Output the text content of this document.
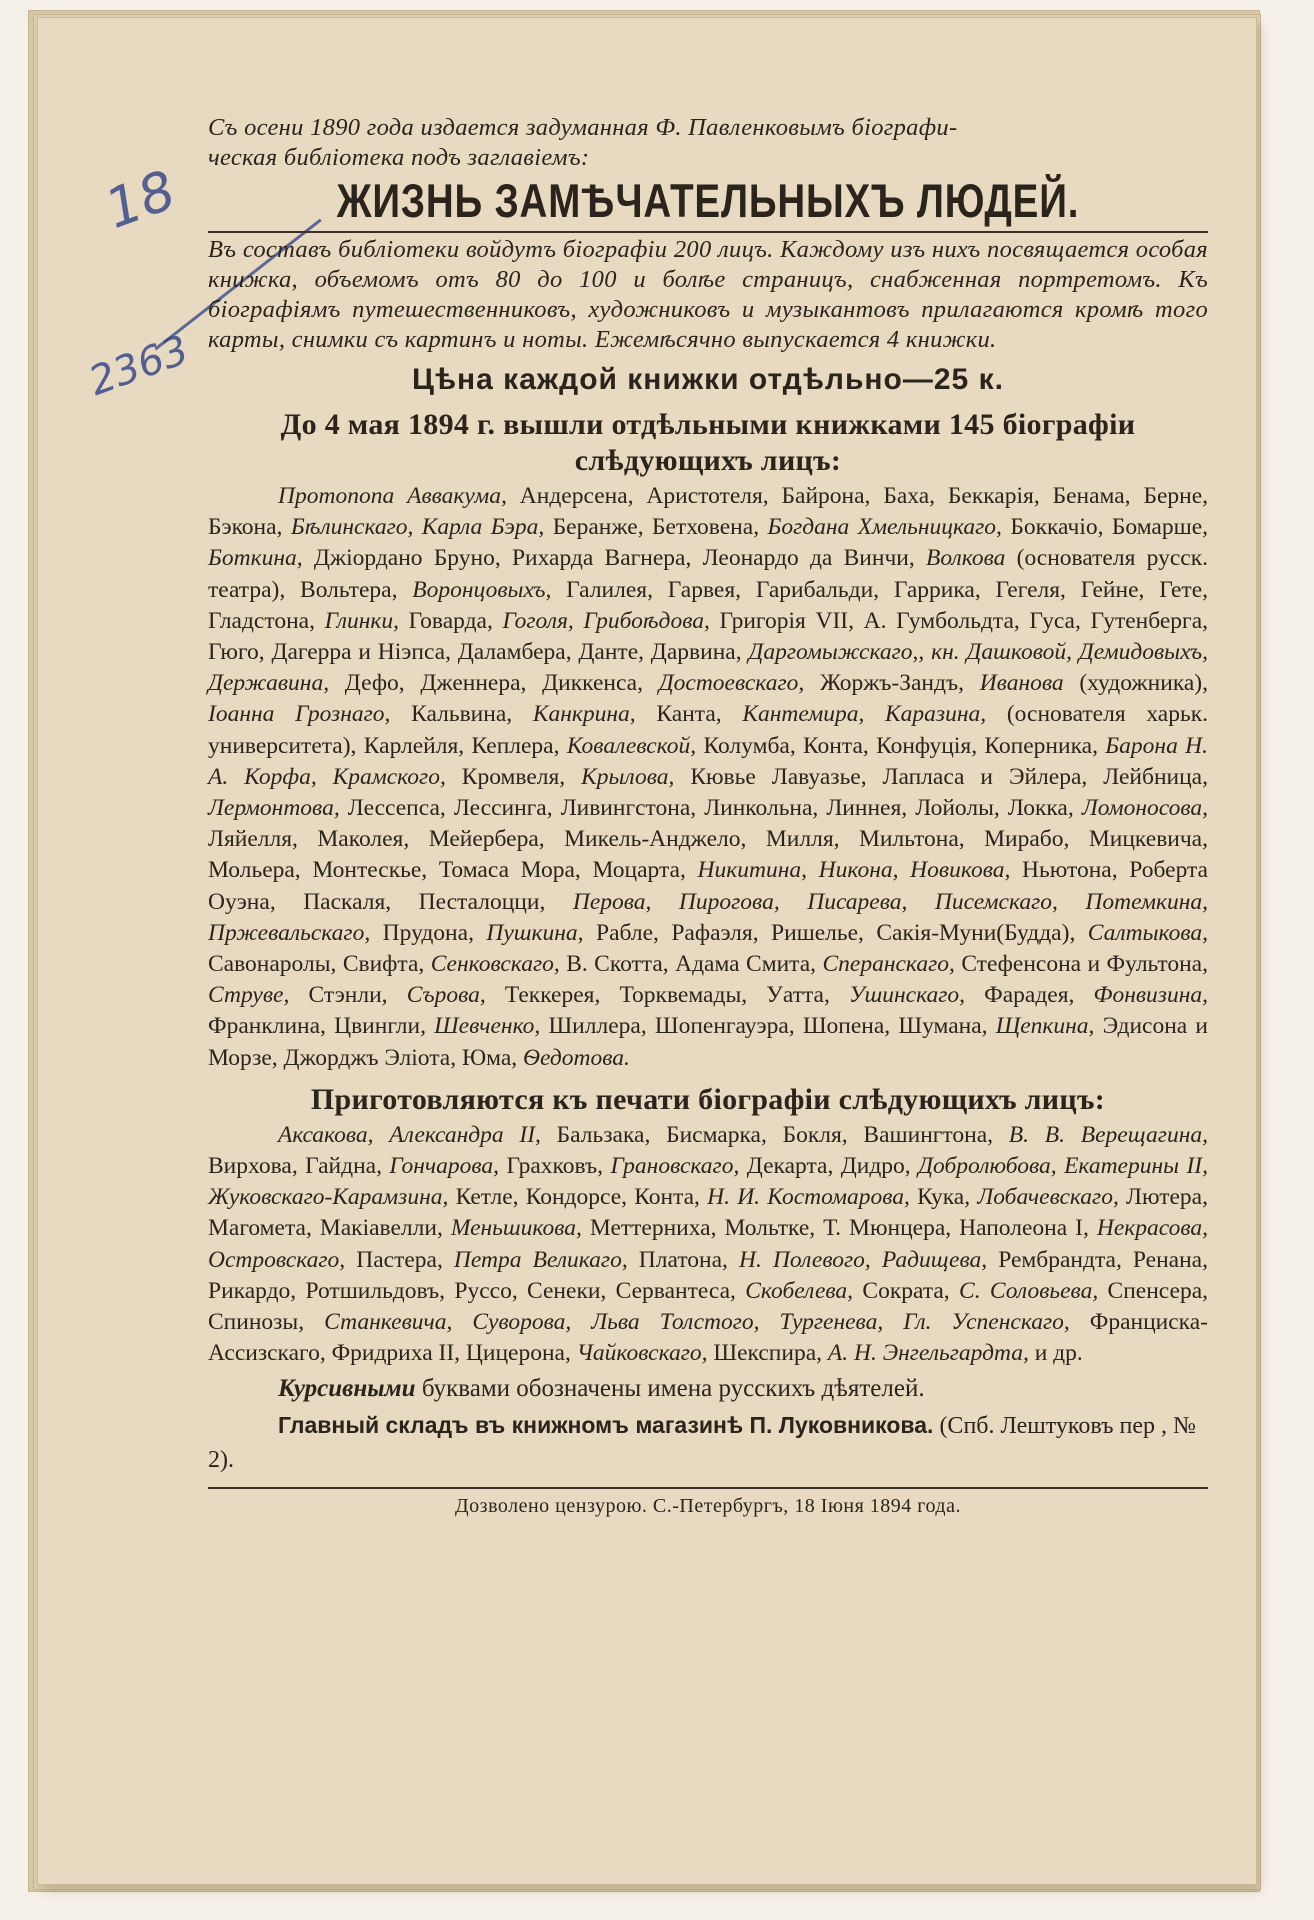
18
2363
Съ осени 1890 года издается задуманная Ф. Павленковымъ біографи-
ческая библіотека подъ заглавіемъ:
ЖИЗНЬ ЗАМѢЧАТЕЛЬНЫХЪ ЛЮДЕЙ.
Въ составъ библіотеки войдутъ біографіи 200 лицъ. Каждому изъ нихъ посвящается особая книжка, объемомъ отъ 80 до 100 и болѣе страницъ, снабженная портретомъ. Къ біографіямъ путешественниковъ, художниковъ и музыкантовъ прилагаются кромѣ того карты, снимки съ картинъ и ноты. Ежемѣсячно выпускается 4 книжки.
Цѣна каждой книжки отдѣльно—25 к.
До 4 мая 1894 г. вышли отдѣльными книжками 145 біографіи
слѣдующихъ лицъ:
Протопопа Аввакума, Андерсена, Аристотеля, Байрона, Баха, Беккарія, Бенама, Берне, Бэкона, Бѣлинскаго, Карла Бэра, Беранже, Бетховена, Богдана Хмельницкаго, Боккачіо, Бомарше, Боткина, Джіордано Бруно, Рихарда Вагнера, Леонардо да Винчи, Волкова (основателя русск. театра), Вольтера, Воронцовыхъ, Галилея, Гарвея, Гарибальди, Гаррика, Гегеля, Гейне, Гете, Гладстона, Глинки, Говарда, Гоголя, Грибоѣдова, Григорія VII, А. Гумбольдта, Гуса, Гутенберга, Гюго, Дагерра и Ніэпса, Даламбера, Данте, Дарвина, Даргомыжскаго,, кн. Дашковой, Демидовыхъ, Державина, Дефо, Дженнера, Диккенса, Достоевскаго, Жоржъ-Зандъ, Иванова (художника), Іоанна Грознаго, Кальвина, Канкрина, Канта, Кантемира, Каразина, (основателя харьк. университета), Карлейля, Кеплера, Ковалевской, Колумба, Конта, Конфуція, Коперника, Барона Н. А. Корфа, Крамского, Кромвеля, Крылова, Кювье Лавуазье, Лапласа и Эйлера, Лейбница, Лермонтова, Лессепса, Лессинга, Ливингстона, Линкольна, Линнея, Лойолы, Локка, Ломоносова, Ляйелля, Маколея, Мейербера, Микель-Анджело, Милля, Мильтона, Мирабо, Мицкевича, Мольера, Монтескье, Томаса Мора, Моцарта, Никитина, Никона, Новикова, Ньютона, Роберта Оуэна, Паскаля, Песталоцци, Перова, Пирогова, Писарева, Писемскаго, Потемкина, Пржевальскаго, Прудона, Пушкина, Рабле, Рафаэля, Ришелье, Сакія-Муни(Будда), Салтыкова, Савонаролы, Свифта, Сенковскаго, В. Скотта, Адама Смита, Сперанскаго, Стефенсона и Фультона, Струве, Стэнли, Сърова, Теккерея, Торквемады, Уатта, Ушинскаго, Фарадея, Фонвизина, Франклина, Цвингли, Шевченко, Шиллера, Шопенгауэра, Шопена, Шумана, Щепкина, Эдисона и Морзе, Джорджъ Эліота, Юма, Ѳедотова.
Приготовляются къ печати біографіи слѣдующихъ лицъ:
Аксакова, Александра II, Бальзака, Бисмарка, Бокля, Вашингтона, В. В. Верещагина, Вирхова, Гайдна, Гончарова, Грахковъ, Грановскаго, Декарта, Дидро, Добролюбова, Екатерины II, Жуковскаго-Карамзина, Кетле, Кондорсе, Конта, Н. И. Костомарова, Кука, Лобачевскаго, Лютера, Магомета, Макіавелли, Меньшикова, Меттерниха, Мольтке, Т. Мюнцера, Наполеона I, Некрасова, Островскаго, Пастера, Петра Великаго, Платона, Н. Полевого, Радищева, Рембрандта, Ренана, Рикардо, Ротшильдовъ, Руссо, Сенеки, Сервантеса, Скобелева, Сократа, С. Соловьева, Спенсера, Спинозы, Станкевича, Суворова, Льва Толстого, Тургенева, Гл. Успенскаго, Франциска-Ассизскаго, Фридриха II, Цицерона, Чайковскаго, Шекспира, А. Н. Энгельгардта, и др.
Курсивными буквами обозначены имена русскихъ дѣятелей.
Главный складъ въ книжномъ магазинѣ П. Луковникова. (Спб. Лештуковъ пер , № 2).
Дозволено цензурою. С.-Петербургъ, 18 Іюня 1894 года.
